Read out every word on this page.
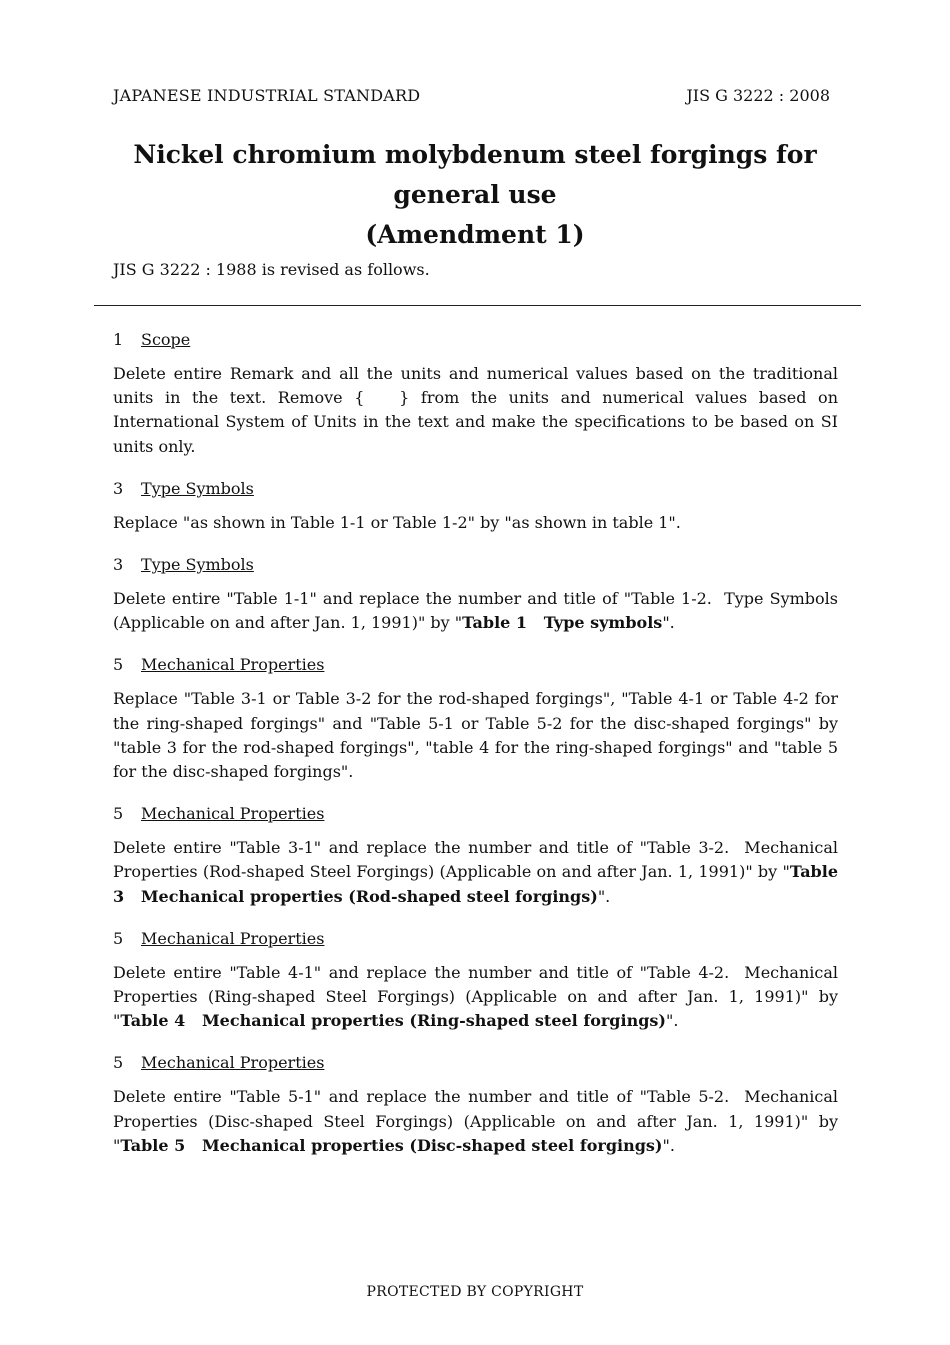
JAPANESE INDUSTRIAL STANDARD	JIS G 3222 : 2008
Nickel chromium molybdenum steel forgings for general use
(Amendment 1)
JIS G 3222 : 1988 is revised as follows.

1 Scope

Delete entire Remark and all the units and numerical values based on the traditional units in the text. Remove {   } from the units and numerical values based on International System of Units in the text and make the specifications to be based on SI units only.

3 Type Symbols

Replace "as shown in Table 1-1 or Table 1-2" by "as shown in table 1".

3 Type Symbols

Delete entire "Table 1-1" and replace the number and title of "Table 1-2.  Type Symbols (Applicable on and after Jan. 1, 1991)" by "Table 1   Type symbols".

5 Mechanical Properties

Replace "Table 3-1 or Table 3-2 for the rod-shaped forgings", "Table 4-1 or Table 4-2 for the ring-shaped forgings" and "Table 5-1 or Table 5-2 for the disc-shaped forgings" by "table 3 for the rod-shaped forgings", "table 4 for the ring-shaped forgings" and "table 5 for the disc-shaped forgings".

5 Mechanical Properties

Delete entire "Table 3-1" and replace the number and title of "Table 3-2.  Mechanical Properties (Rod-shaped Steel Forgings) (Applicable on and after Jan. 1, 1991)" by "Table 3   Mechanical properties (Rod-shaped steel forgings)".

5 Mechanical Properties

Delete entire "Table 4-1" and replace the number and title of "Table 4-2.  Mechanical Properties (Ring-shaped Steel Forgings) (Applicable on and after Jan. 1, 1991)" by "Table 4   Mechanical properties (Ring-shaped steel forgings)".

5 Mechanical Properties

Delete entire "Table 5-1" and replace the number and title of "Table 5-2.  Mechanical Properties (Disc-shaped Steel Forgings) (Applicable on and after Jan. 1, 1991)" by "Table 5   Mechanical properties (Disc-shaped steel forgings)".

PROTECTED BY COPYRIGHT
